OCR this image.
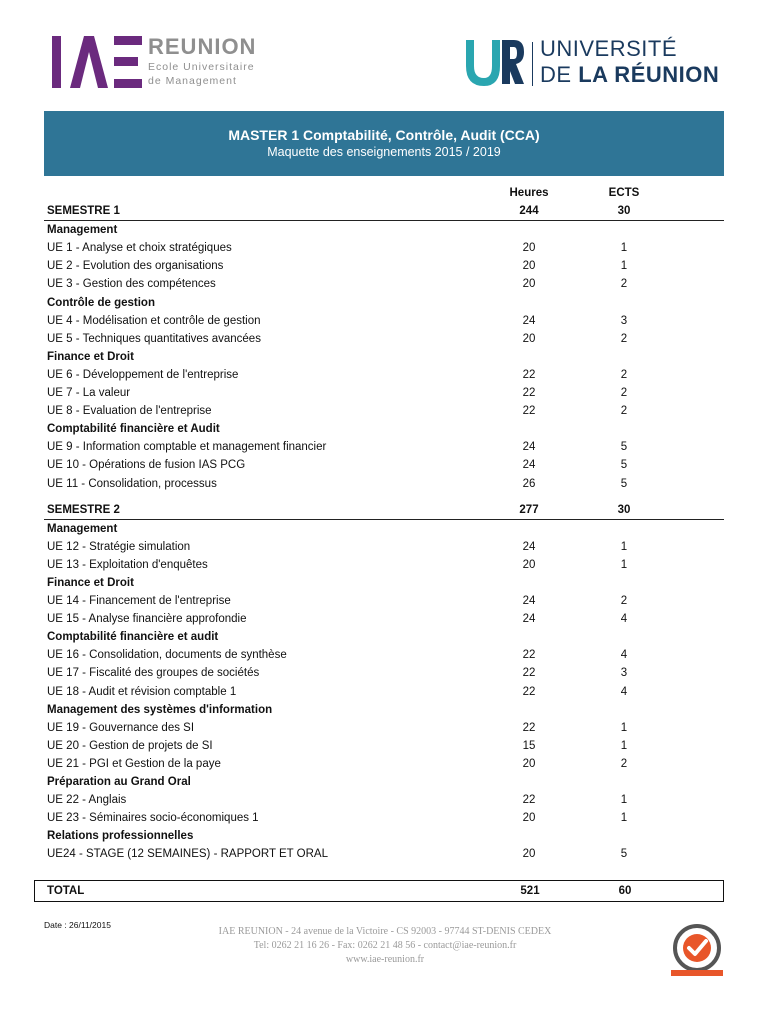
REUNION
Ecole Universitaire
de Management
UNIVERSITÉ
DE LA RÉUNION
MASTER 1 Comptabilité, Contrôle, Audit (CCA)
Maquette des enseignements 2015 / 2019
Heures	ECTS
SEMESTRE 1	244	30
Management
UE 1 - Analyse et choix stratégiques	20	1
UE 2 - Evolution des organisations	20	1
UE 3 - Gestion des compétences	20	2
Contrôle de gestion
UE 4 - Modélisation et contrôle de gestion	24	3
UE 5 - Techniques quantitatives avancées	20	2
Finance et Droit
UE 6 - Développement de l'entreprise	22	2
UE 7 - La valeur	22	2
UE 8 - Evaluation de l'entreprise	22	2
Comptabilité financière et Audit
UE 9 - Information comptable et management financier	24	5
UE 10 - Opérations de fusion IAS PCG	24	5
UE 11 - Consolidation, processus	26	5
SEMESTRE 2	277	30
Management
UE 12 - Stratégie simulation	24	1
UE 13 - Exploitation d'enquêtes	20	1
Finance et Droit
UE 14 - Financement de l'entreprise	24	2
UE 15 - Analyse financière approfondie	24	4
Comptabilité financière et audit
UE 16 - Consolidation, documents de synthèse	22	4
UE 17 - Fiscalité des groupes de sociétés	22	3
UE 18 - Audit et révision comptable 1	22	4
Management des systèmes d'information
UE 19 - Gouvernance des SI	22	1
UE 20 - Gestion de projets de SI	15	1
UE 21 - PGI et Gestion de la paye	20	2
Préparation au Grand Oral
UE 22 - Anglais	22	1
UE 23 - Séminaires socio-économiques 1	20	1
Relations professionnelles
UE24 - STAGE (12 SEMAINES) - RAPPORT ET ORAL	20	5
TOTAL	521	60
Date : 26/11/2015
IAE REUNION - 24 avenue de la Victoire - CS 92003 - 97744 ST-DENIS CEDEX
Tel: 0262 21 16 26 - Fax: 0262 21 48 56 - contact@iae-reunion.fr
www.iae-reunion.fr
